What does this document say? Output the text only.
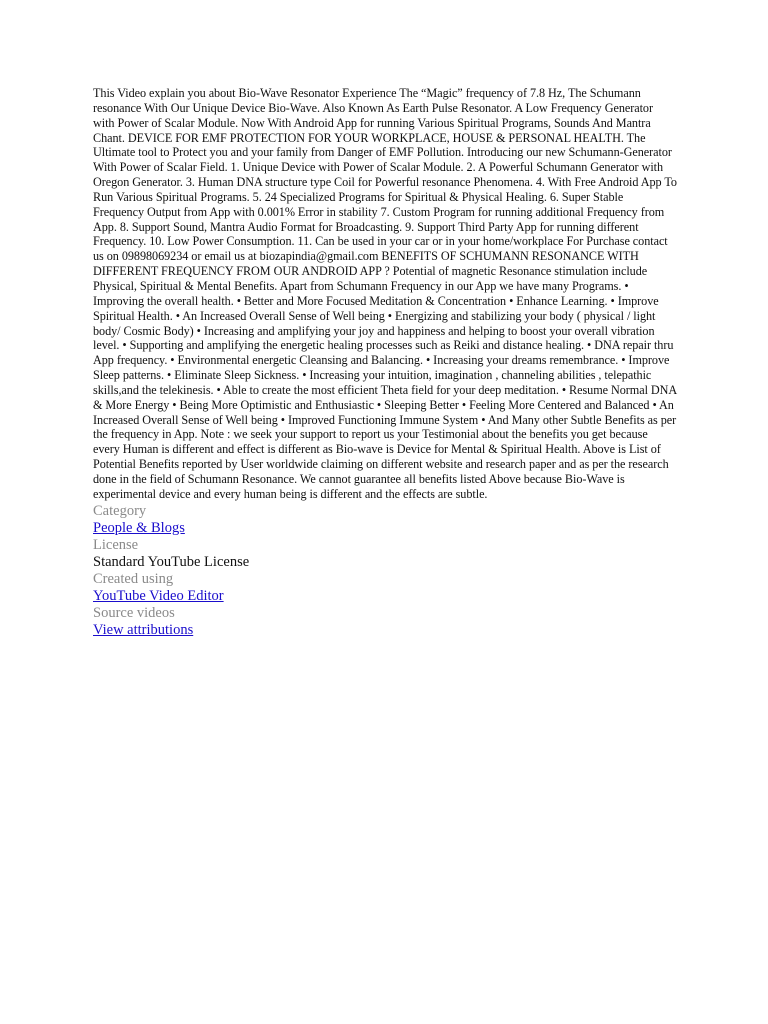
This Video explain you about Bio-Wave Resonator Experience The “Magic” frequency of 7.8 Hz, The Schumann resonance With Our Unique Device Bio-Wave. Also Known As Earth Pulse Resonator. A Low Frequency Generator with Power of Scalar Module. Now With Android App for running Various Spiritual Programs, Sounds And Mantra Chant. DEVICE FOR EMF PROTECTION FOR YOUR WORKPLACE, HOUSE & PERSONAL HEALTH. The Ultimate tool to Protect you and your family from Danger of EMF Pollution. Introducing our new Schumann-Generator With Power of Scalar Field. 1. Unique Device with Power of Scalar Module. 2. A Powerful Schumann Generator with Oregon Generator. 3. Human DNA structure type Coil for Powerful resonance Phenomena. 4. With Free Android App To Run Various Spiritual Programs. 5. 24 Specialized Programs for Spiritual & Physical Healing. 6. Super Stable Frequency Output from App with 0.001% Error in stability 7. Custom Program for running additional Frequency from App. 8. Support Sound, Mantra Audio Format for Broadcasting. 9. Support Third Party App for running different Frequency. 10. Low Power Consumption. 11. Can be used in your car or in your home/workplace For Purchase contact us on 09898069234 or email us at biozapindia@gmail.com BENEFITS OF SCHUMANN RESONANCE WITH DIFFERENT FREQUENCY FROM OUR ANDROID APP ? Potential of magnetic Resonance stimulation include Physical, Spiritual & Mental Benefits. Apart from Schumann Frequency in our App we have many Programs. • Improving the overall health. • Better and More Focused Meditation & Concentration • Enhance Learning. • Improve Spiritual Health. • An Increased Overall Sense of Well being • Energizing and stabilizing your body ( physical / light body/ Cosmic Body) • Increasing and amplifying your joy and happiness and helping to boost your overall vibration level. • Supporting and amplifying the energetic healing processes such as Reiki and distance healing. • DNA repair thru App frequency. • Environmental energetic Cleansing and Balancing. • Increasing your dreams remembrance. • Improve Sleep patterns. • Eliminate Sleep Sickness. • Increasing your intuition, imagination , channeling abilities , telepathic skills,and the telekinesis. • Able to create the most efficient Theta field for your deep meditation. • Resume Normal DNA & More Energy • Being More Optimistic and Enthusiastic • Sleeping Better • Feeling More Centered and Balanced • An Increased Overall Sense of Well being • Improved Functioning Immune System • And Many other Subtle Benefits as per the frequency in App. Note : we seek your support to report us your Testimonial about the benefits you get because every Human is different and effect is different as Bio-wave is Device for Mental & Spiritual Health. Above is List of Potential Benefits reported by User worldwide claiming on different website and research paper and as per the research done in the field of Schumann Resonance. We cannot guarantee all benefits listed Above because Bio-Wave is experimental device and every human being is different and the effects are subtle.

Category
People & Blogs
License
Standard YouTube License
Created using
YouTube Video Editor
Source videos
View attributions
